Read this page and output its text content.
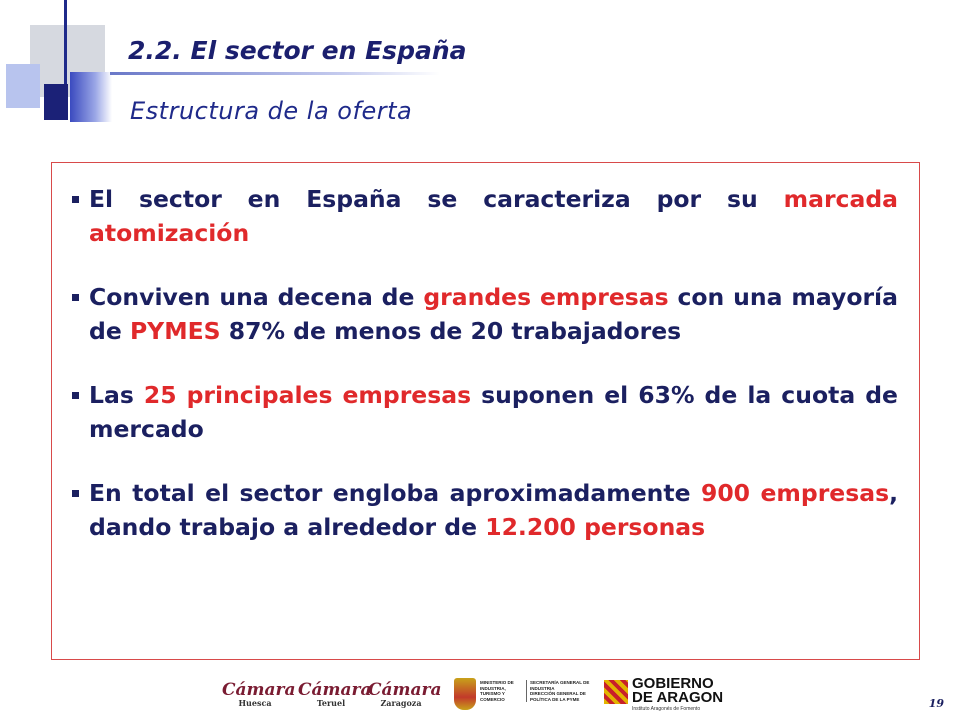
2.2. El sector en España
Estructura de la oferta
El sector en España se caracteriza por su marcada atomización
Conviven una decena de grandes empresas con una mayoría de PYMES 87% de menos de 20 trabajadores
Las 25 principales empresas suponen el 63% de la cuota de mercado
En total el sector engloba aproximadamente 900 empresas, dando trabajo a alrededor de 12.200 personas
Cámara
Huesca
Cámara
Teruel
Cámara
Zaragoza
MINISTERIO DE INDUSTRIA, TURISMO Y COMERCIO
SECRETARÍA GENERAL DE INDUSTRIA
DIRECCIÓN GENERAL DE POLÍTICA DE LA PYME
GOBIERNO
DE ARAGON
Instituto Aragonés de Fomento	19
